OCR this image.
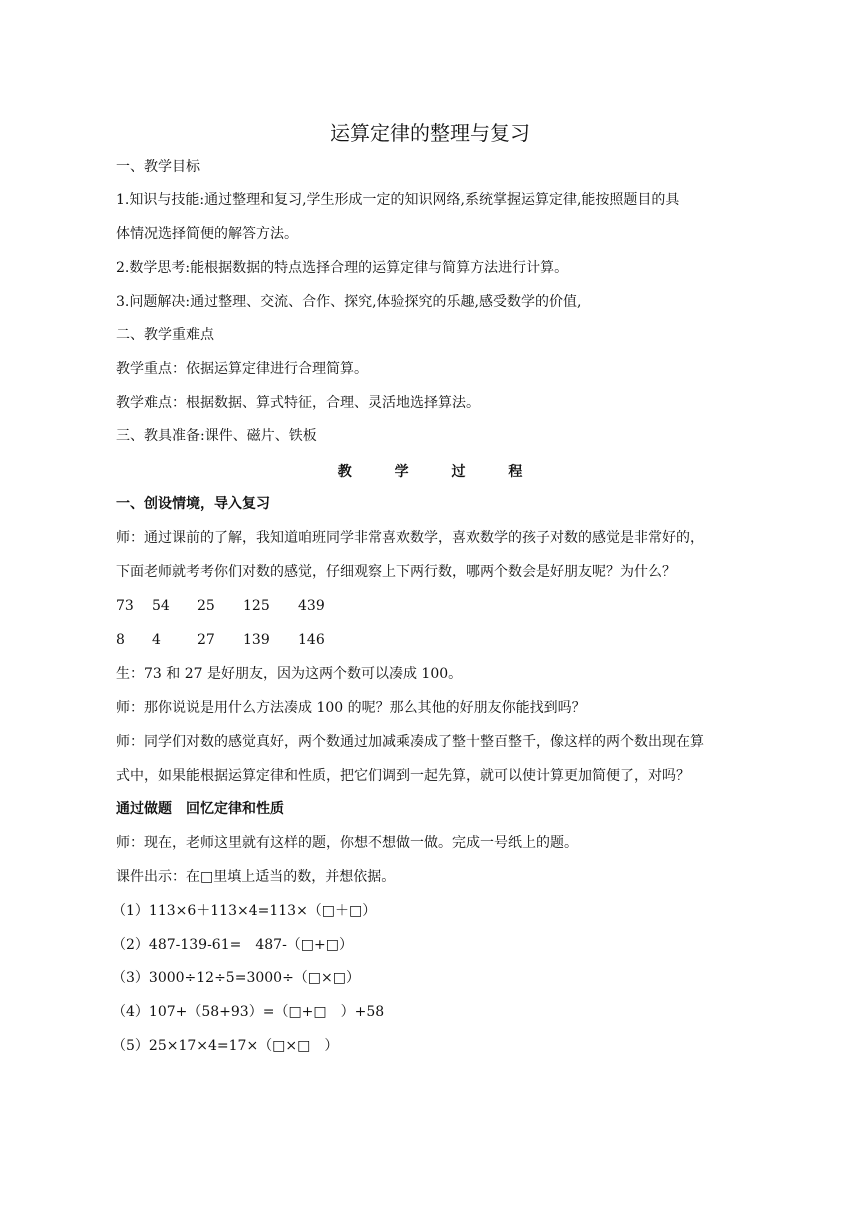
运算定律的整理与复习
一、教学目标
1.知识与技能:通过整理和复习,学生形成一定的知识网络,系统掌握运算定律,能按照题目的具
体情况选择简便的解答方法。
2.数学思考:能根据数据的特点选择合理的运算定律与简算方法进行计算。
3.问题解决:通过整理、交流、合作、探究,体验探究的乐趣,感受数学的价值,
二、教学重难点
教学重点：依据运算定律进行合理简算。
教学难点：根据数据、算式特征，合理、灵活地选择算法。
三、教具准备:课件、磁片、铁板
教	学	过	程
一、创设情境，导入复习
师：通过课前的了解，我知道咱班同学非常喜欢数学，喜欢数学的孩子对数的感觉是非常好的，
下面老师就考考你们对数的感觉，仔细观察上下两行数，哪两个数会是好朋友呢？为什么？
73 54 25 125 439
8 4	27 139 146
生：73 和 27 是好朋友，因为这两个数可以凑成 100。
师：那你说说是用什么方法凑成 100 的呢？那么其他的好朋友你能找到吗？
师：同学们对数的感觉真好，两个数通过加减乘凑成了整十整百整千，像这样的两个数出现在算
式中，如果能根据运算定律和性质，把它们调到一起先算，就可以使计算更加简便了，对吗？
通过做题　回忆定律和性质
师：现在，老师这里就有这样的题，你想不想做一做。完成一号纸上的题。
课件出示：在□里填上适当的数，并想依据。
（1）113×6＋113×4=113×（□＋□）
（2）487-139-61=　487-（□+□）
（3）3000÷12÷5=3000÷（□×□）
（4）107+（58+93）=（□+□　）+58
（5）25×17×4=17×（□×□　）
